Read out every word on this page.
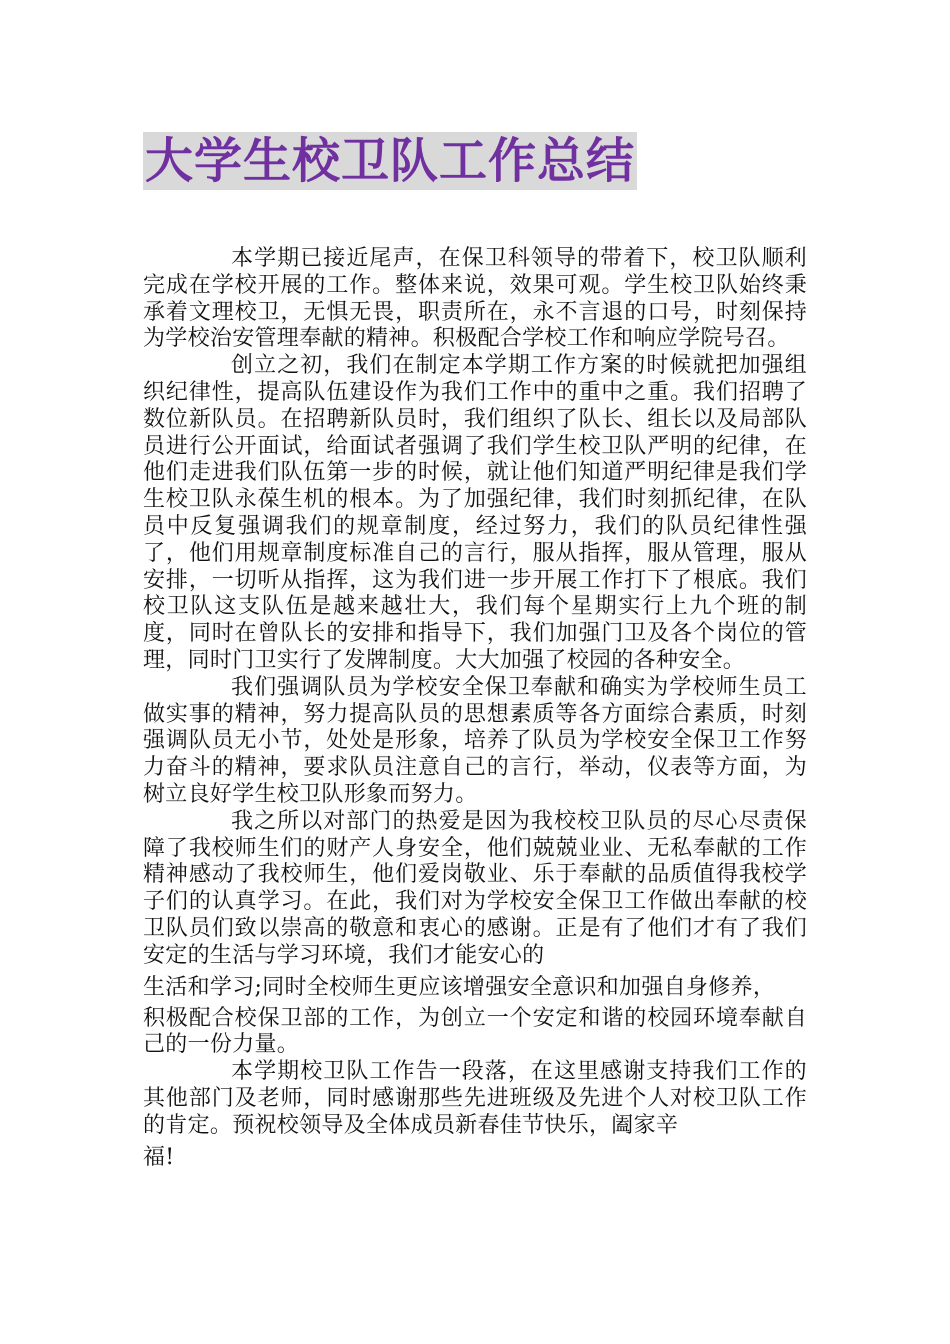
大学生校卫队工作总结

本学期已接近尾声，在保卫科领导的带着下，校卫队顺利完成在学校开展的工作。整体来说，效果可观。学生校卫队始终秉承着文理校卫，无惧无畏，职责所在，永不言退的口号，时刻保持为学校治安管理奉献的精神。积极配合学校工作和响应学院号召。

创立之初，我们在制定本学期工作方案的时候就把加强组织纪律性，提高队伍建设作为我们工作中的重中之重。我们招聘了数位新队员。在招聘新队员时，我们组织了队长、组长以及局部队员进行公开面试，给面试者强调了我们学生校卫队严明的纪律，在他们走进我们队伍第一步的时候，就让他们知道严明纪律是我们学生校卫队永葆生机的根本。为了加强纪律，我们时刻抓纪律，在队员中反复强调我们的规章制度，经过努力，我们的队员纪律性强了，他们用规章制度标准自己的言行，服从指挥，服从管理，服从安排，一切听从指挥，这为我们进一步开展工作打下了根底。我们校卫队这支队伍是越来越壮大，我们每个星期实行上九个班的制度，同时在曾队长的安排和指导下，我们加强门卫及各个岗位的管理，同时门卫实行了发牌制度。大大加强了校园的各种安全。

我们强调队员为学校安全保卫奉献和确实为学校师生员工做实事的精神，努力提高队员的思想素质等各方面综合素质，时刻强调队员无小节，处处是形象，培养了队员为学校安全保卫工作努力奋斗的精神，要求队员注意自己的言行，举动，仪表等方面，为树立良好学生校卫队形象而努力。

我之所以对部门的热爱是因为我校校卫队员的尽心尽责保障了我校师生们的财产人身安全，他们兢兢业业、无私奉献的工作精神感动了我校师生，他们爱岗敬业、乐于奉献的品质值得我校学子们的认真学习。在此，我们对为学校安全保卫工作做出奉献的校卫队员们致以崇高的敬意和衷心的感谢。正是有了他们才有了我们安定的生活与学习环境，我们才能安心的

生活和学习;同时全校师生更应该增强安全意识和加强自身修养，

积极配合校保卫部的工作，为创立一个安定和谐的校园环境奉献自己的一份力量。

本学期校卫队工作告一段落，在这里感谢支持我们工作的其他部门及老师，同时感谢那些先进班级及先进个人对校卫队工作的肯定。预祝校领导及全体成员新春佳节快乐，阖家辛

福!
